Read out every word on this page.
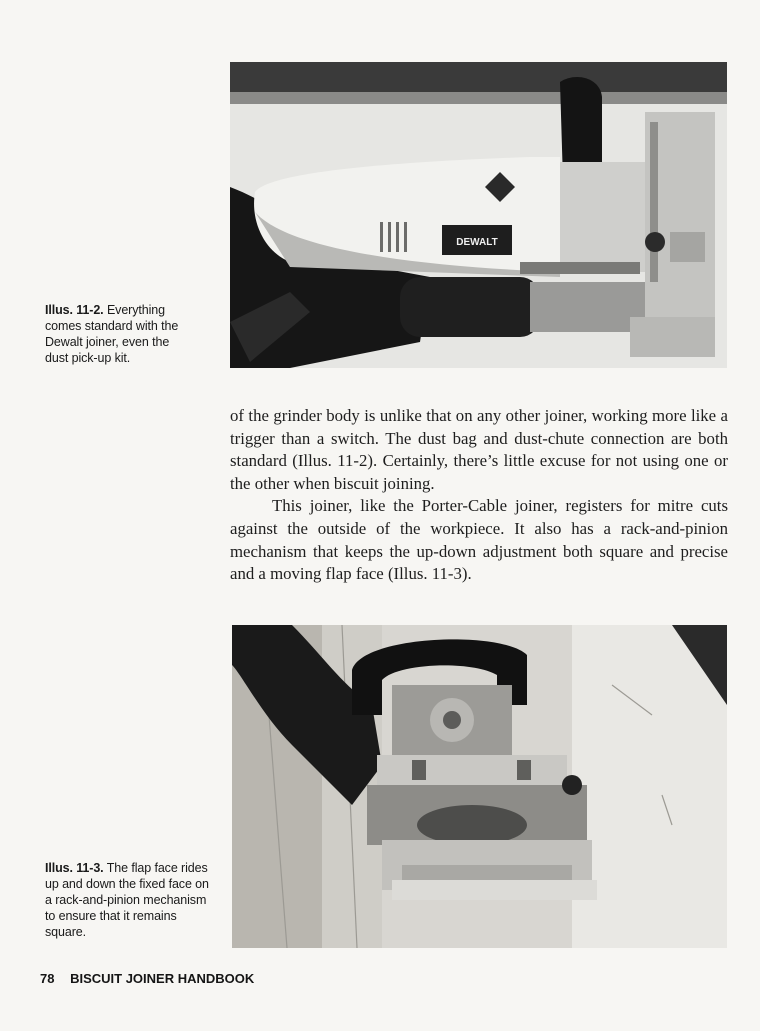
DEWALT
Illus. 11-2. Everything comes standard with the Dewalt joiner, even the dust pick-up kit.

of the grinder body is unlike that on any other joiner, working more like a trigger than a switch. The dust bag and dust-chute connection are both standard (Illus. 11-2). Certainly, there’s little excuse for not using one or the other when biscuit joining.

This joiner, like the Porter-Cable joiner, registers for mitre cuts against the outside of the workpiece. It also has a rack-and-pinion mechanism that keeps the up-down adjustment both square and precise and a moving flap face (Illus. 11-3).

Illus. 11-3. The flap face rides up and down the fixed face on a rack-and-pinion mechanism to ensure that it remains square.
78 BISCUIT JOINER HANDBOOK
